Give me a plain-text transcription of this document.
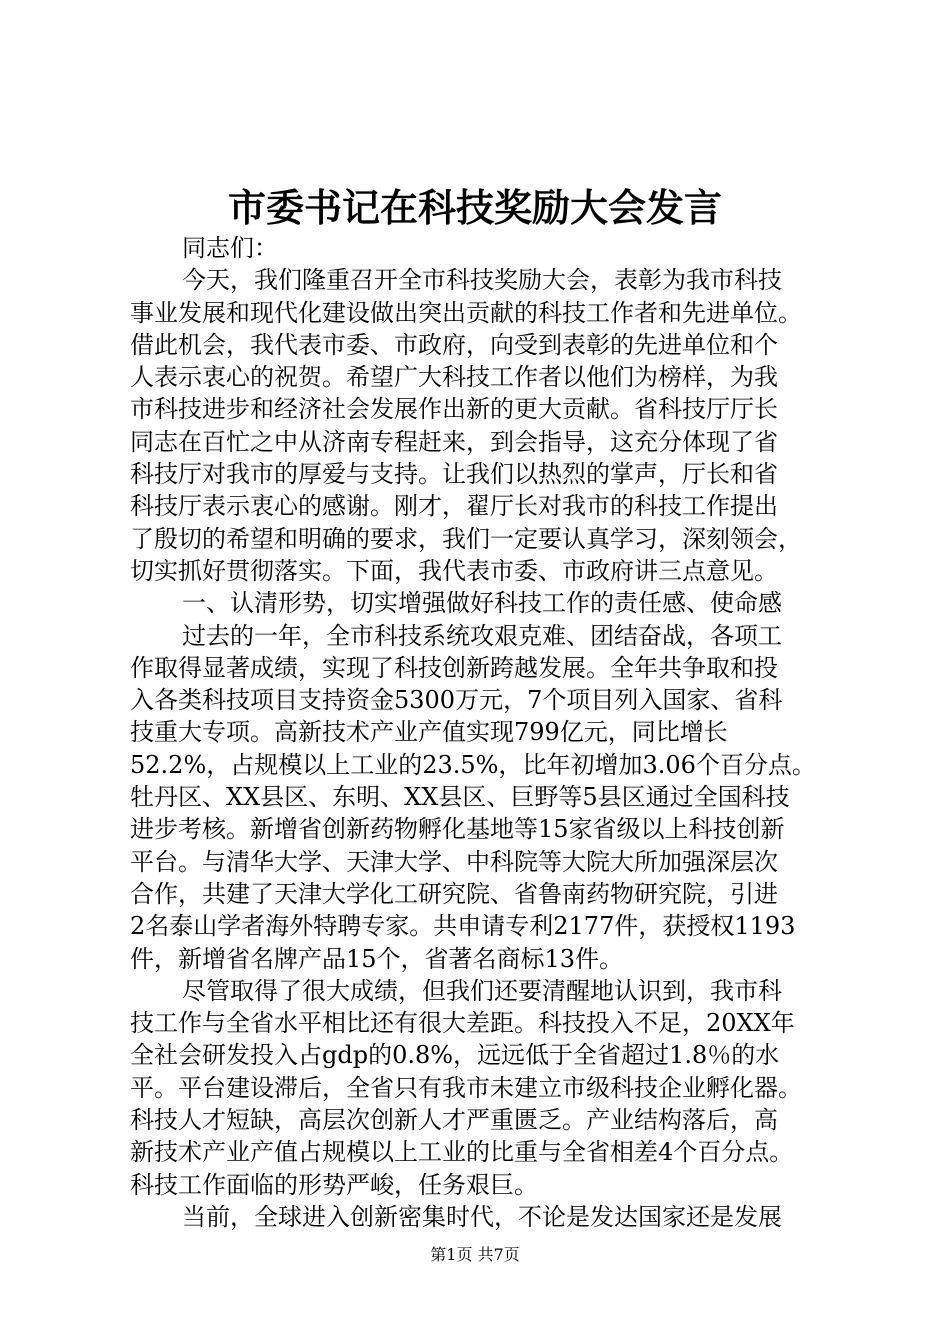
市委书记在科技奖励大会发言
同志们：
今天，我们隆重召开全市科技奖励大会，表彰为我市科技
事业发展和现代化建设做出突出贡献的科技工作者和先进单位。
借此机会，我代表市委、市政府，向受到表彰的先进单位和个
人表示衷心的祝贺。希望广大科技工作者以他们为榜样，为我
市科技进步和经济社会发展作出新的更大贡献。省科技厅厅长
同志在百忙之中从济南专程赶来，到会指导，这充分体现了省
科技厅对我市的厚爱与支持。让我们以热烈的掌声，厅长和省
科技厅表示衷心的感谢。刚才，翟厅长对我市的科技工作提出
了殷切的希望和明确的要求，我们一定要认真学习，深刻领会，
切实抓好贯彻落实。下面，我代表市委、市政府讲三点意见。
一、认清形势，切实增强做好科技工作的责任感、使命感
过去的一年，全市科技系统攻艰克难、团结奋战，各项工
作取得显著成绩，实现了科技创新跨越发展。全年共争取和投
入各类科技项目支持资金5300万元，7个项目列入国家、省科
技重大专项。高新技术产业产值实现799亿元，同比增长
52.2%，占规模以上工业的23.5%，比年初增加3.06个百分点。
牡丹区、XX县区、东明、XX县区、巨野等5县区通过全国科技
进步考核。新增省创新药物孵化基地等15家省级以上科技创新
平台。与清华大学、天津大学、中科院等大院大所加强深层次
合作，共建了天津大学化工研究院、省鲁南药物研究院，引进
2名泰山学者海外特聘专家。共申请专利2177件，获授权1193
件，新增省名牌产品15个，省著名商标13件。
尽管取得了很大成绩，但我们还要清醒地认识到，我市科
技工作与全省水平相比还有很大差距。科技投入不足，20XX年
全社会研发投入占gdp的0.8%，远远低于全省超过1.8％的水
平。平台建设滞后，全省只有我市未建立市级科技企业孵化器。
科技人才短缺，高层次创新人才严重匮乏。产业结构落后，高
新技术产业产值占规模以上工业的比重与全省相差4个百分点。
科技工作面临的形势严峻，任务艰巨。
当前，全球进入创新密集时代，不论是发达国家还是发展
第1页 共7页
